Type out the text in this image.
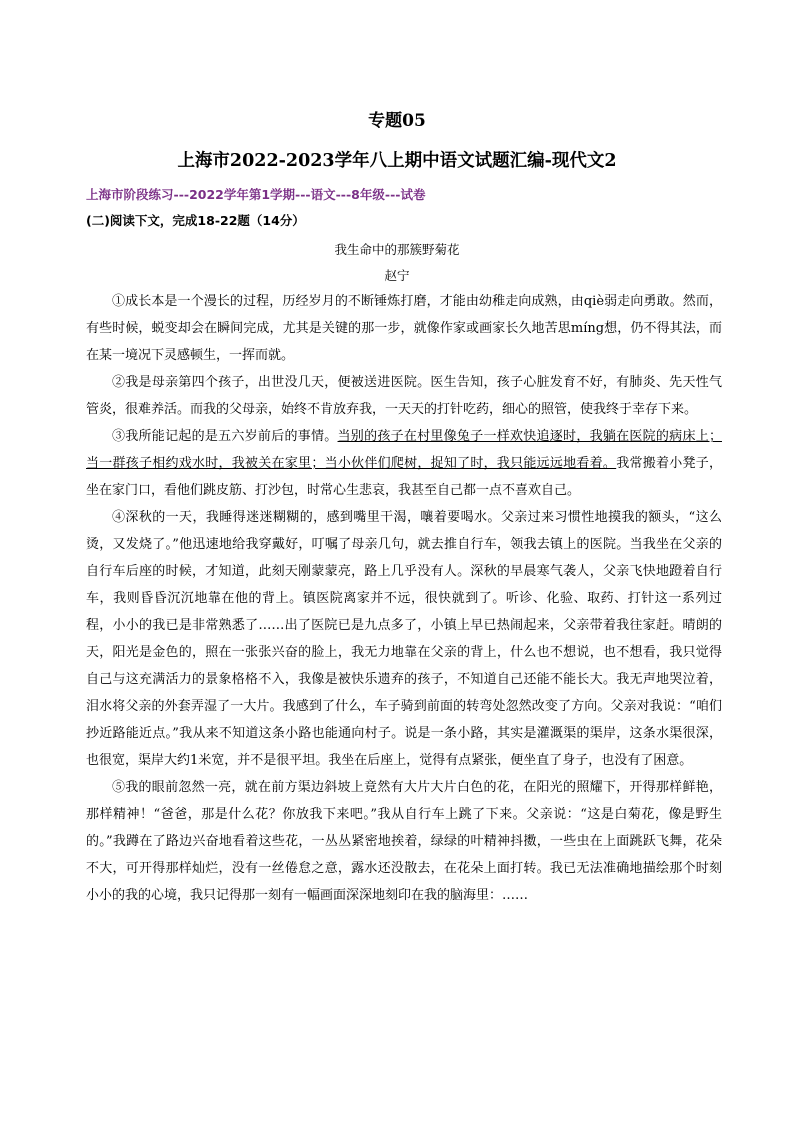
专题05
上海市2022-2023学年八上期中语文试题汇编-现代文2
上海市阶段练习---2022学年第1学期---语文---8年级---试卷
(二)阅读下文，完成18-22题（14分）
我生命中的那簇野菊花
赵宁

①成长本是一个漫长的过程，历经岁月的不断锤炼打磨，才能由幼稚走向成熟，由qiè弱走向勇敢。然而，有些时候，蜕变却会在瞬间完成，尤其是关键的那一步，就像作家或画家长久地苦思míng想，仍不得其法，而在某一境况下灵感顿生，一挥而就。

②我是母亲第四个孩子，出世没几天，便被送进医院。医生告知，孩子心脏发育不好，有肺炎、先天性气管炎，很难养活。而我的父母亲，始终不肯放弃我，一天天的打针吃药，细心的照管，使我终于幸存下来。

③我所能记起的是五六岁前后的事情。当别的孩子在村里像兔子一样欢快追逐时，我躺在医院的病床上；当一群孩子相约戏水时，我被关在家里；当小伙伴们爬树，捉知了时，我只能远远地看着。我常搬着小凳子，坐在家门口，看他们跳皮筋、打沙包，时常心生悲哀，我甚至自己都一点不喜欢自己。

④深秋的一天，我睡得迷迷糊糊的，感到嘴里干渴，嚷着要喝水。父亲过来习惯性地摸我的额头，“这么烫，又发烧了。”他迅速地给我穿戴好，叮嘱了母亲几句，就去推自行车，领我去镇上的医院。当我坐在父亲的自行车后座的时候，才知道，此刻天刚蒙蒙亮，路上几乎没有人。深秋的早晨寒气袭人，父亲飞快地蹬着自行车，我则昏昏沉沉地靠在他的背上。镇医院离家并不远，很快就到了。听诊、化验、取药、打针这一系列过程，小小的我已是非常熟悉了……出了医院已是九点多了，小镇上早已热闹起来，父亲带着我往家赶。晴朗的天，阳光是金色的，照在一张张兴奋的脸上，我无力地靠在父亲的背上，什么也不想说，也不想看，我只觉得自己与这充满活力的景象格格不入，我像是被快乐遗弃的孩子，不知道自己还能不能长大。我无声地哭泣着，泪水将父亲的外套弄湿了一大片。我感到了什么，车子骑到前面的转弯处忽然改变了方向。父亲对我说：“咱们抄近路能近点。”我从来不知道这条小路也能通向村子。说是一条小路，其实是灌溉渠的渠岸，这条水渠很深，也很宽，渠岸大约1米宽，并不是很平坦。我坐在后座上，觉得有点紧张，便坐直了身子，也没有了困意。

⑤我的眼前忽然一亮，就在前方渠边斜坡上竟然有大片大片白色的花，在阳光的照耀下，开得那样鲜艳，那样精神！“爸爸，那是什么花？你放我下来吧。”我从自行车上跳了下来。父亲说：“这是白菊花，像是野生的。”我蹲在了路边兴奋地看着这些花，一丛丛紧密地挨着，绿绿的叶精神抖擞，一些虫在上面跳跃飞舞，花朵不大，可开得那样灿烂，没有一丝倦怠之意，露水还没散去，在花朵上面打转。我已无法准确地描绘那个时刻小小的我的心境，我只记得那一刻有一幅画面深深地刻印在我的脑海里：……
